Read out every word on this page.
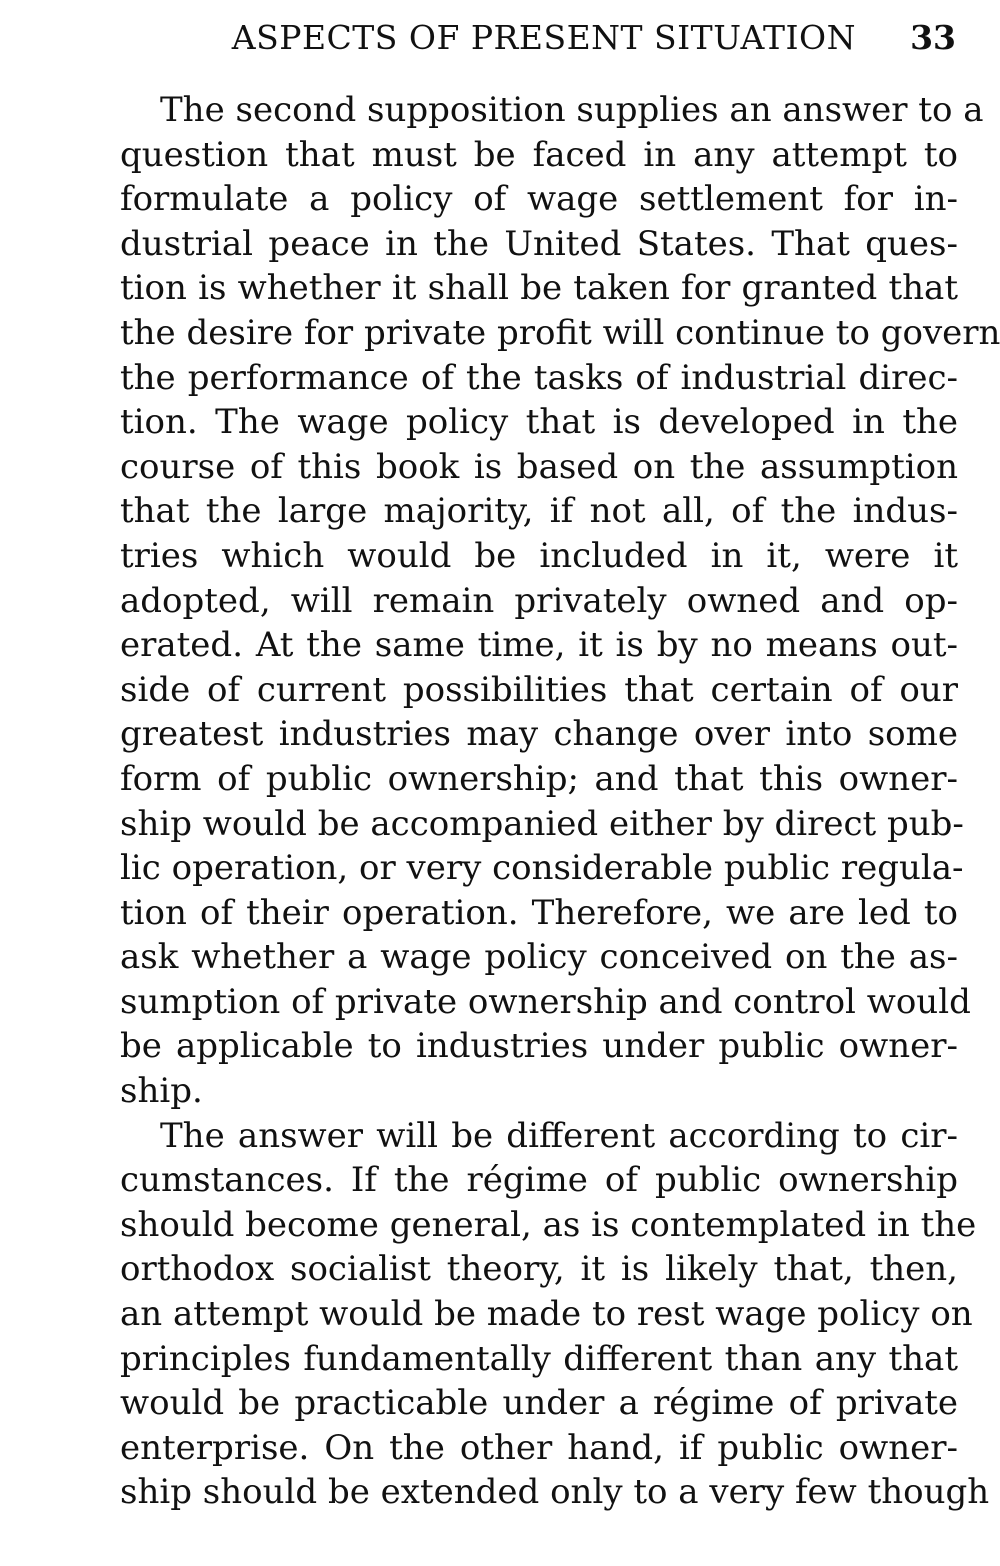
ASPECTS OF PRESENT SITUATION 33

The second supposition supplies an answer to a
question that must be faced in any attempt to
formulate a policy of wage settlement for in-
dustrial peace in the United States. That ques-
tion is whether it shall be taken for granted that
the desire for private profit will continue to govern
the performance of the tasks of industrial direc-
tion. The wage policy that is developed in the
course of this book is based on the assumption
that the large majority, if not all, of the indus-
tries which would be included in it, were it
adopted, will remain privately owned and op-
erated. At the same time, it is by no means out-
side of current possibilities that certain of our
greatest industries may change over into some
form of public ownership; and that this owner-
ship would be accompanied either by direct pub-
lic operation, or very considerable public regula-
tion of their operation. Therefore, we are led to
ask whether a wage policy conceived on the as-
sumption of private ownership and control would
be applicable to industries under public owner-
ship.

The answer will be different according to cir-
cumstances. If the régime of public ownership
should become general, as is contemplated in the
orthodox socialist theory, it is likely that, then,
an attempt would be made to rest wage policy on
principles fundamentally different than any that
would be practicable under a régime of private
enterprise. On the other hand, if public owner-
ship should be extended only to a very few though
